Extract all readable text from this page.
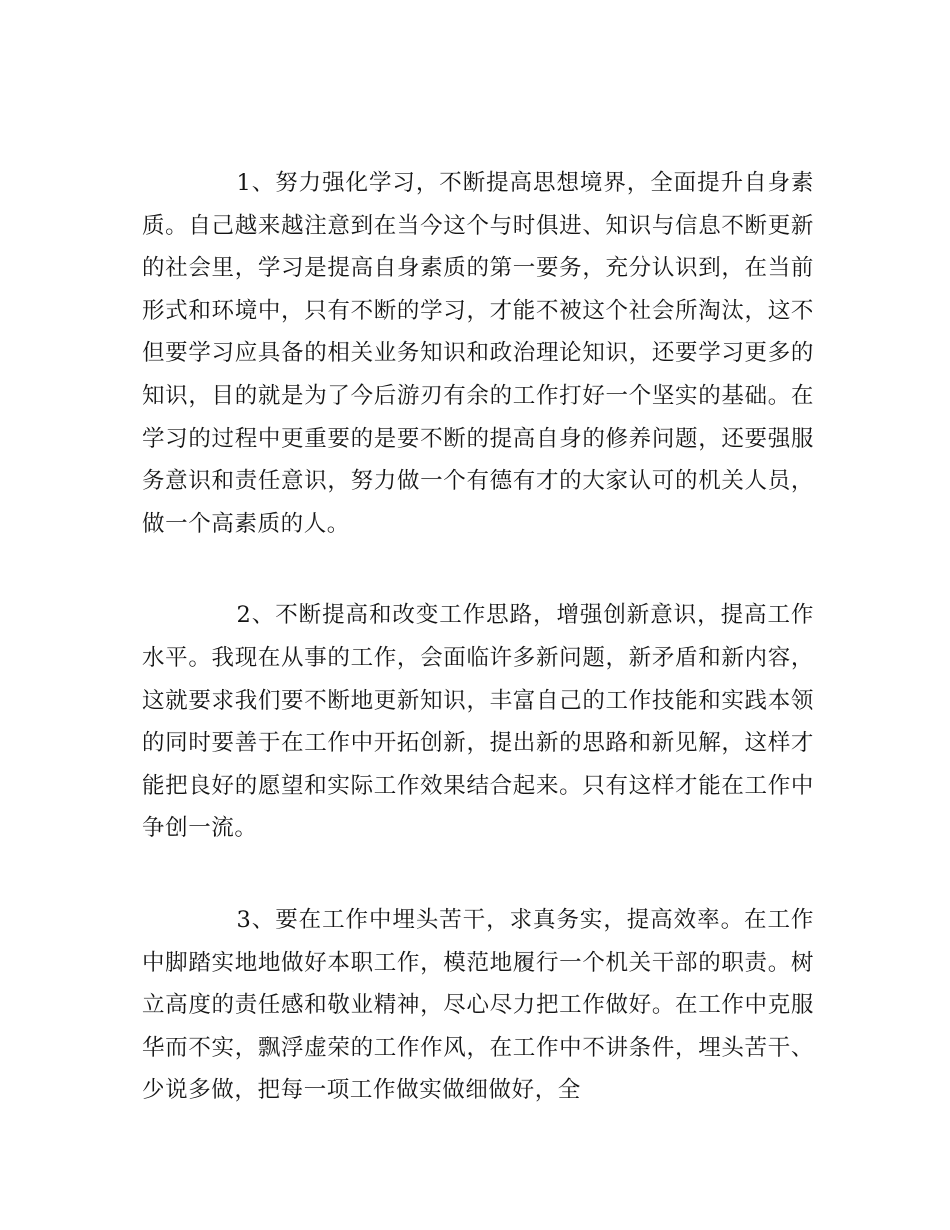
1、努力强化学习，不断提高思想境界，全面提升自身素质。自己越来越注意到在当今这个与时俱进、知识与信息不断更新的社会里，学习是提高自身素质的第一要务，充分认识到，在当前形式和环境中，只有不断的学习，才能不被这个社会所淘汰，这不但要学习应具备的相关业务知识和政治理论知识，还要学习更多的知识，目的就是为了今后游刃有余的工作打好一个坚实的基础。在学习的过程中更重要的是要不断的提高自身的修养问题，还要强服务意识和责任意识，努力做一个有德有才的大家认可的机关人员，做一个高素质的人。

2、不断提高和改变工作思路，增强创新意识，提高工作水平。我现在从事的工作，会面临许多新问题，新矛盾和新内容，这就要求我们要不断地更新知识，丰富自己的工作技能和实践本领的同时要善于在工作中开拓创新，提出新的思路和新见解，这样才能把良好的愿望和实际工作效果结合起来。只有这样才能在工作中争创一流。

3、要在工作中埋头苦干，求真务实，提高效率。在工作中脚踏实地地做好本职工作，模范地履行一个机关干部的职责。树立高度的责任感和敬业精神，尽心尽力把工作做好。在工作中克服华而不实，飘浮虚荣的工作作风，在工作中不讲条件，埋头苦干、少说多做，把每一项工作做实做细做好，全
